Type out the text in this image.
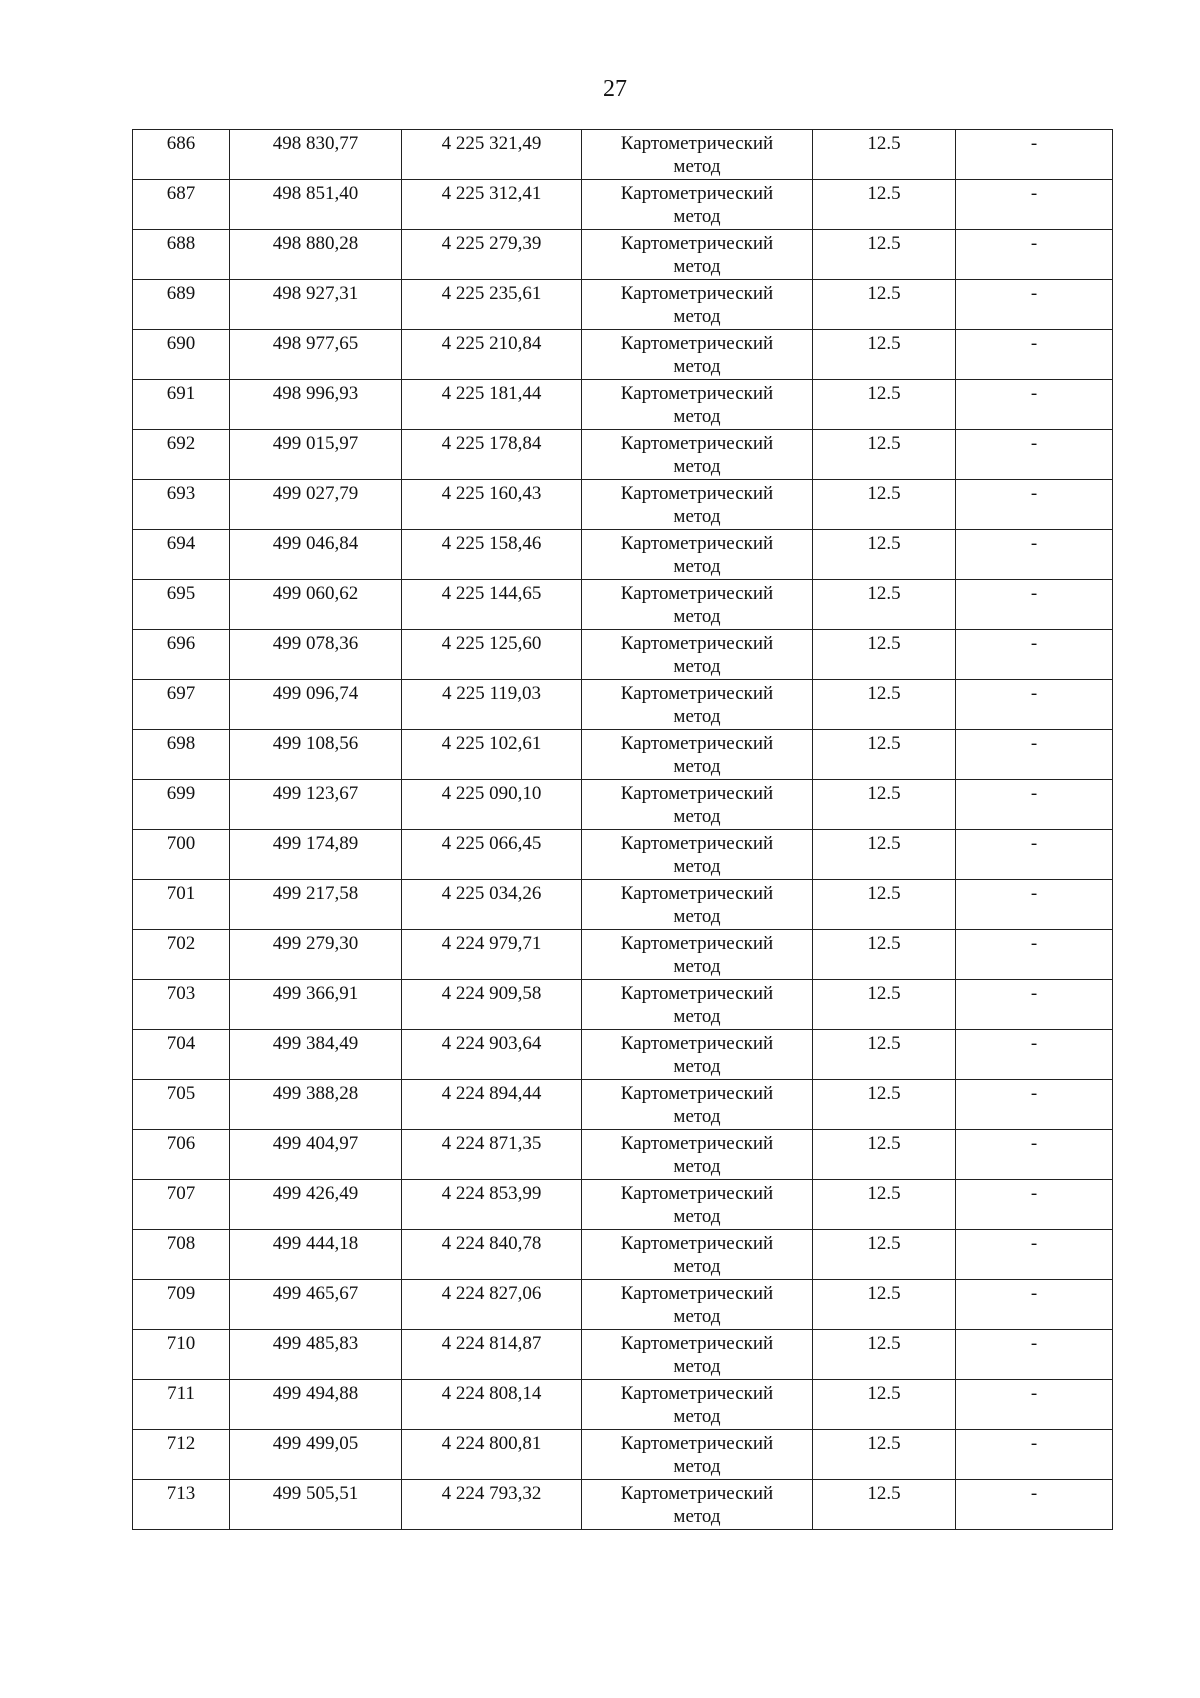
27
686	498 830,77	4 225 321,49	Картометрический
метод	12.5	-

687	498 851,40	4 225 312,41	Картометрический
метод	12.5	-

688	498 880,28	4 225 279,39	Картометрический
метод	12.5	-

689	498 927,31	4 225 235,61	Картометрический
метод	12.5	-

690	498 977,65	4 225 210,84	Картометрический
метод	12.5	-

691	498 996,93	4 225 181,44	Картометрический
метод	12.5	-

692	499 015,97	4 225 178,84	Картометрический
метод	12.5	-

693	499 027,79	4 225 160,43	Картометрический
метод	12.5	-

694	499 046,84	4 225 158,46	Картометрический
метод	12.5	-

695	499 060,62	4 225 144,65	Картометрический
метод	12.5	-

696	499 078,36	4 225 125,60	Картометрический
метод	12.5	-

697	499 096,74	4 225 119,03	Картометрический
метод	12.5	-

698	499 108,56	4 225 102,61	Картометрический
метод	12.5	-

699	499 123,67	4 225 090,10	Картометрический
метод	12.5	-

700	499 174,89	4 225 066,45	Картометрический
метод	12.5	-

701	499 217,58	4 225 034,26	Картометрический
метод	12.5	-

702	499 279,30	4 224 979,71	Картометрический
метод	12.5	-

703	499 366,91	4 224 909,58	Картометрический
метод	12.5	-

704	499 384,49	4 224 903,64	Картометрический
метод	12.5	-

705	499 388,28	4 224 894,44	Картометрический
метод	12.5	-

706	499 404,97	4 224 871,35	Картометрический
метод	12.5	-

707	499 426,49	4 224 853,99	Картометрический
метод	12.5	-

708	499 444,18	4 224 840,78	Картометрический
метод	12.5	-

709	499 465,67	4 224 827,06	Картометрический
метод	12.5	-

710	499 485,83	4 224 814,87	Картометрический
метод	12.5	-

711	499 494,88	4 224 808,14	Картометрический
метод	12.5	-

712	499 499,05	4 224 800,81	Картометрический
метод	12.5	-

713	499 505,51	4 224 793,32	Картометрический
метод	12.5	-
